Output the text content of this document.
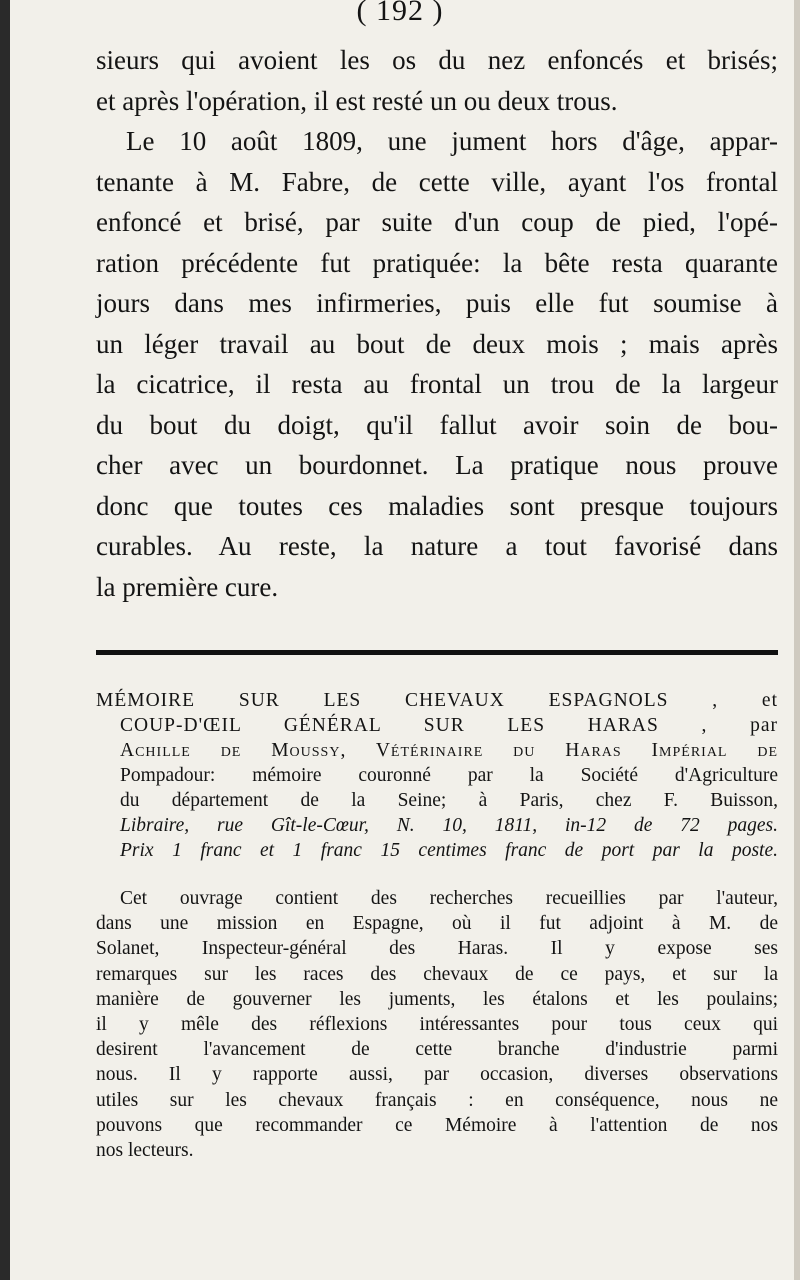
( 192 )
sieurs qui avoient les os du nez enfoncés et brisés;
et après l'opération, il est resté un ou deux trous.
Le 10 août 1809, une jument hors d'âge, appar-
tenante à M. Fabre, de cette ville, ayant l'os frontal
enfoncé et brisé, par suite d'un coup de pied, l'opé-
ration précédente fut pratiquée: la bête resta quarante
jours dans mes infirmeries, puis elle fut soumise à
un léger travail au bout de deux mois ; mais après
la cicatrice, il resta au frontal un trou de la largeur
du bout du doigt, qu'il fallut avoir soin de bou-
cher avec un bourdonnet. La pratique nous prouve
donc que toutes ces maladies sont presque toujours
curables. Au reste, la nature a tout favorisé dans
la première cure.
MÉMOIRE SUR LES CHEVAUX ESPAGNOLS , et
COUP-D'ŒIL GÉNÉRAL SUR LES HARAS , par
Achille de Moussy, Vétérinaire du Haras Impérial de
Pompadour: mémoire couronné par la Société d'Agriculture
du département de la Seine; à Paris, chez F. Buisson,
Libraire, rue Gît-le-Cœur, N. 10, 1811, in-12 de 72 pages.
Prix 1 franc et 1 franc 15 centimes franc de port par la poste.
Cet ouvrage contient des recherches recueillies par l'auteur,
dans une mission en Espagne, où il fut adjoint à M. de
Solanet, Inspecteur-général des Haras. Il y expose ses
remarques sur les races des chevaux de ce pays, et sur la
manière de gouverner les juments, les étalons et les poulains;
il y mêle des réflexions intéressantes pour tous ceux qui
desirent l'avancement de cette branche d'industrie parmi
nous. Il y rapporte aussi, par occasion, diverses observations
utiles sur les chevaux français : en conséquence, nous ne
pouvons que recommander ce Mémoire à l'attention de nos
nos lecteurs.
